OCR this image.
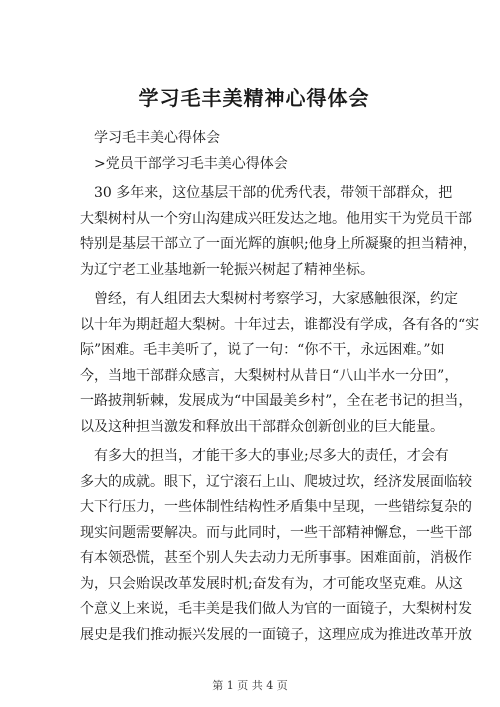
学习毛丰美精神心得体会

学习毛丰美心得体会

>党员干部学习毛丰美心得体会

30 多年来，这位基层干部的优秀代表，带领干部群众，把

大梨树村从一个穷山沟建成兴旺发达之地。他用实干为党员干部

特别是基层干部立了一面光辉的旗帜;他身上所凝聚的担当精神，

为辽宁老工业基地新一轮振兴树起了精神坐标。

曾经，有人组团去大梨树村考察学习，大家感触很深，约定

以十年为期赶超大梨树。十年过去，谁都没有学成，各有各的“实

际”困难。毛丰美听了，说了一句：“你不干，永远困难。”如

今，当地干部群众感言，大梨树村从昔日“八山半水一分田”，

一路披荆斩棘，发展成为“中国最美乡村”，全在老书记的担当，

以及这种担当激发和释放出干部群众创新创业的巨大能量。

有多大的担当，才能干多大的事业;尽多大的责任，才会有

多大的成就。眼下，辽宁滚石上山、爬坡过坎，经济发展面临较

大下行压力，一些体制性结构性矛盾集中呈现，一些错综复杂的

现实问题需要解决。而与此同时，一些干部精神懈怠，一些干部

有本领恐慌，甚至个别人失去动力无所事事。困难面前，消极作

为，只会贻误改革发展时机;奋发有为，才可能攻坚克难。从这

个意义上来说，毛丰美是我们做人为官的一面镜子，大梨树村发

展史是我们推动振兴发展的一面镜子，这理应成为推进改革开放

第 1 页 共 4 页
